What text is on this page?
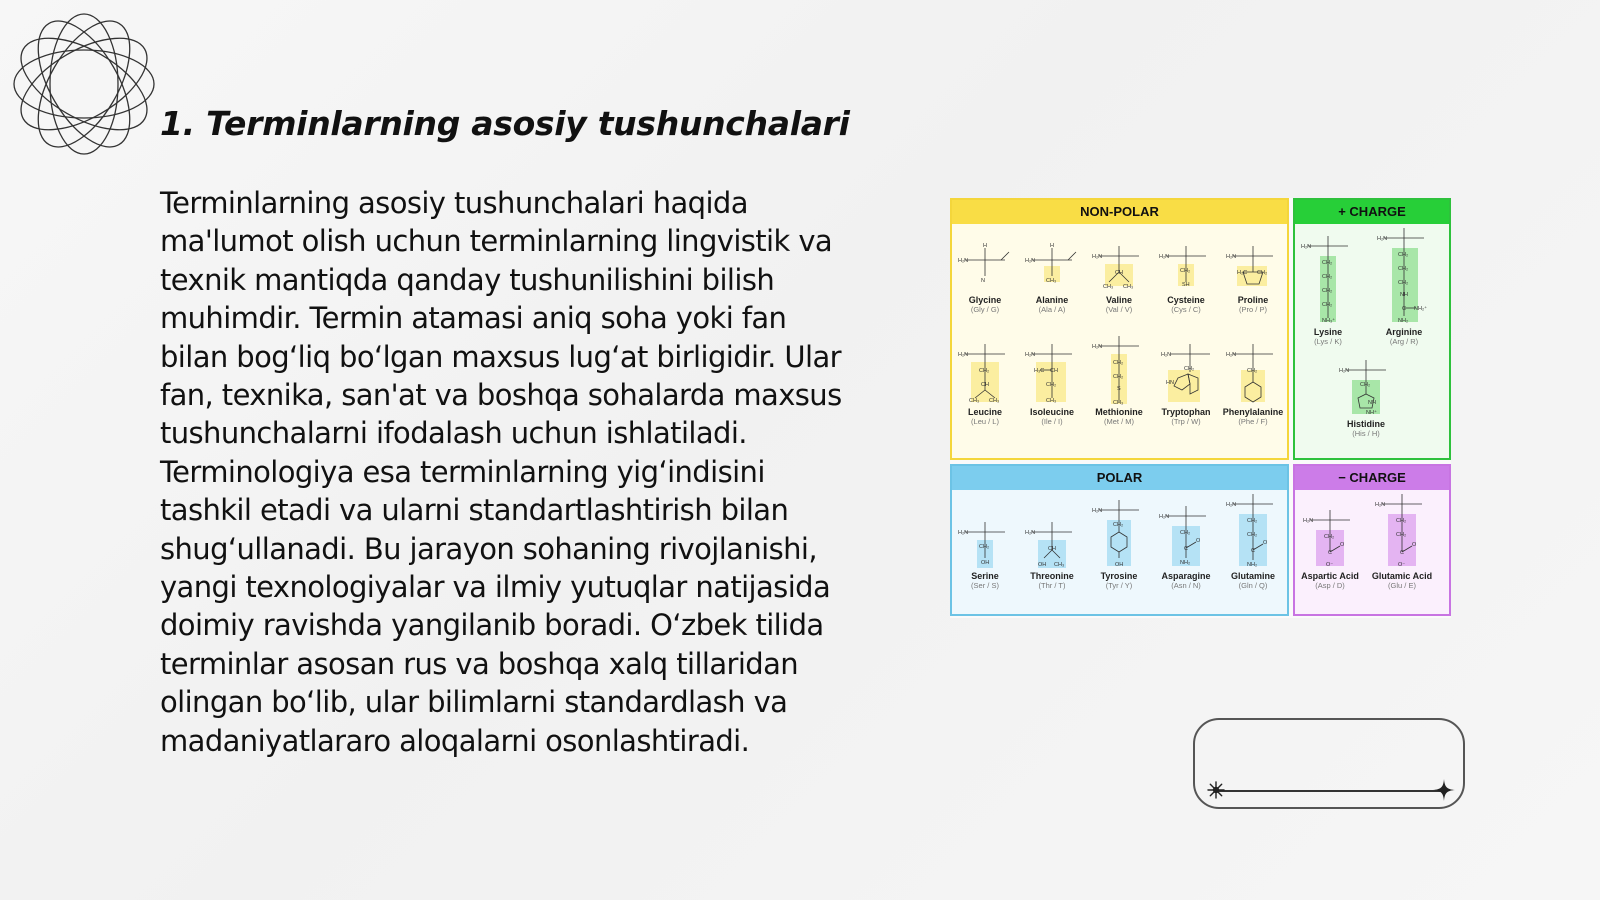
1. Terminlarning asosiy tushunchalari

Terminlarning asosiy tushunchalari haqida ma'lumot olish uchun terminlarning lingvistik va texnik mantiqda qanday tushunilishini bilish muhimdir. Termin atamasi aniq soha yoki fan bilan bog‘liq bo‘lgan maxsus lug‘at birligidir. Ular fan, texnika, san'at va boshqa sohalarda maxsus tushunchalarni ifodalash uchun ishlatiladi. Terminologiya esa terminlarning yig‘indisini tashkil etadi va ularni standartlashtirish bilan shug‘ullanadi. Bu jarayon sohaning rivojlanishi, yangi texnologiyalar va ilmiy yutuqlar natijasida doimiy ravishda yangilanib boradi. O‘zbek tilida terminlar asosan rus va boshqa xalq tillaridan olingan bo‘lib, ular bilimlarni standardlash va madaniyatlararo aloqalarni osonlashtiradi.

NON-POLAR	+ CHARGE
POLAR	− CHARGE
H₂N
H
N
Glycine
(Gly / G)
H₂N
H
CH₃
Alanine
(Ala / A)
H₂N
CH
CH₃ CH₃
Valine
(Val / V)
H₂N
CH₂
SH
Cysteine
(Cys / C)
H₂N
H₂C CH₂
Proline
(Pro / P)
H₂N
CH₂
CH
CH₃ CH₃
Leucine
(Leu / L)
H₂N
H₃C CH
CH₂
CH₃
Isoleucine
(Ile / I)
H₂N
CH₂
CH₂
S
CH₃
Methionine
(Met / M)
H₂N
CH₂
HN
Tryptophan
(Trp / W)
H₂N
CH₂
Phenylalanine
(Phe / F)
H₂N
CH₂
CH₂
CH₂
CH₂
NH₃⁺
Lysine
(Lys / K)
H₂N
CH₂
CH₂
CH₂
NH
C NH₂⁺
NH₂
Arginine
(Arg / R)
H₂N
CH₂
NH
NH⁺
Histidine
(His / H)
H₂N
CH₂
OH
Serine
(Ser / S)
H₂N
CH
OH CH₃
Threonine
(Thr / T)
H₂N
CH₂
OH
Tyrosine
(Tyr / Y)
H₂N
CH₂
C
O
NH₂
Asparagine
(Asn / N)
H₂N
CH₂
CH₂
C
O
NH₂
Glutamine
(Gln / Q)
H₂N
CH₂
C
O
O⁻
Aspartic Acid
(Asp / D)
H₂N
CH₂
CH₂
C
O
O⁻
Glutamic Acid
(Glu / E)
